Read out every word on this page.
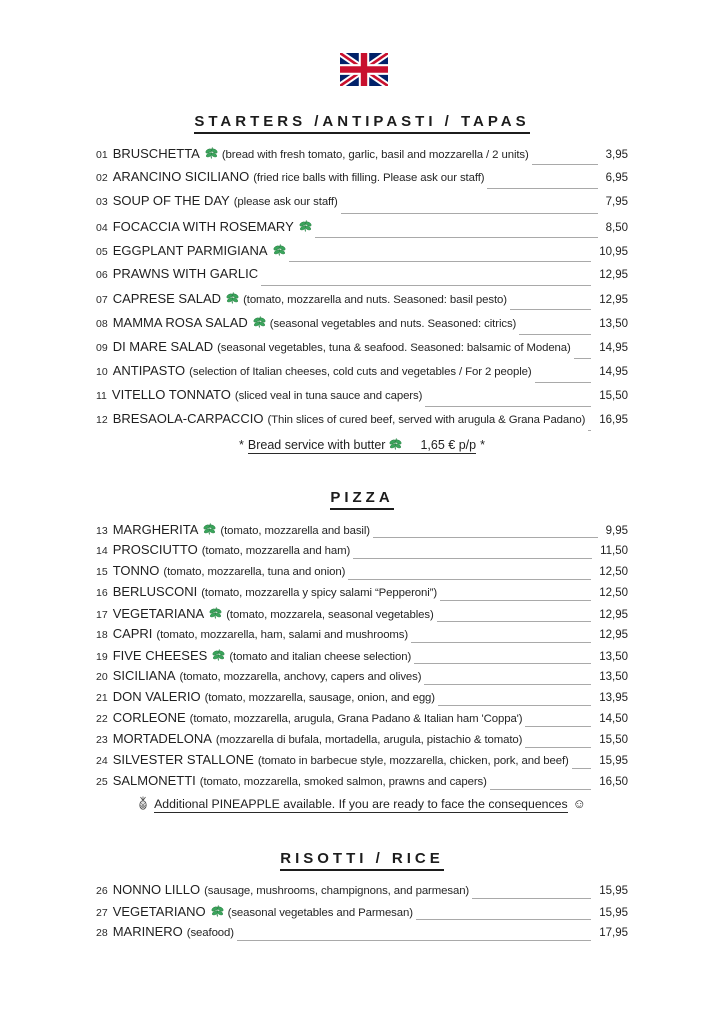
STARTERS /ANTIPASTI / TAPAS
01 BRUSCHETTA (bread with fresh tomato, garlic, basil and mozzarella / 2 units)	3,95
02 ARANCINO SICILIANO (fried rice balls with filling. Please ask our staff)	6,95
03 SOUP OF THE DAY (please ask our staff)	7,95
04 FOCACCIA WITH ROSEMARY	8,50
05 EGGPLANT PARMIGIANA	10,95
06 PRAWNS WITH GARLIC	12,95
07 CAPRESE SALAD (tomato, mozzarella and nuts. Seasoned: basil pesto)	12,95
08 MAMMA ROSA SALAD (seasonal vegetables and nuts. Seasoned: citrics)	13,50
09 DI MARE SALAD (seasonal vegetables, tuna & seafood. Seasoned: balsamic of Modena) 14,95
10 ANTIPASTO (selection of Italian cheeses, cold cuts and vegetables / For 2 people)	14,95
11 VITELLO TONNATO (sliced veal in tuna sauce and capers)	15,50
12 BRESAOLA-CARPACCIO (Thin slices of cured beef, served with arugula & Grana Padano) 16,95
* Bread service with butter	1,65 € p/p *
PIZZA
13 MARGHERITA (tomato, mozzarella and basil)	9,95
14 PROSCIUTTO (tomato, mozzarella and ham)	11,50
15 TONNO (tomato, mozzarella, tuna and onion)	12,50
16 BERLUSCONI (tomato, mozzarella y spicy salami “Pepperoni”)	12,50
17 VEGETARIANA (tomato, mozzarela, seasonal vegetables)	12,95
18 CAPRI (tomato, mozzarella, ham, salami and mushrooms)	12,95
19 FIVE CHEESES (tomato and italian cheese selection)	13,50
20 SICILIANA (tomato, mozzarella, anchovy, capers and olives)	13,50
21 DON VALERIO (tomato, mozzarella, sausage, onion, and egg)	13,95
22 CORLEONE (tomato, mozzarella, arugula, Grana Padano & Italian ham 'Coppa')	14,50
23 MORTADELONA (mozzarella di bufala, mortadella, arugula, pistachio & tomato)	15,50
24 SILVESTER STALLONE (tomato in barbecue style, mozzarella, chicken, pork, and beef)	15,95
25 SALMONETTI (tomato, mozzarella, smoked salmon, prawns and capers)	16,50
Additional PINEAPPLE available. If you are ready to face the consequences ☺
RISOTTI / RICE
26 NONNO LILLO (sausage, mushrooms, champignons, and parmesan)	15,95
27 VEGETARIANO (seasonal vegetables and Parmesan)	15,95
28 MARINERO (seafood)	17,95
